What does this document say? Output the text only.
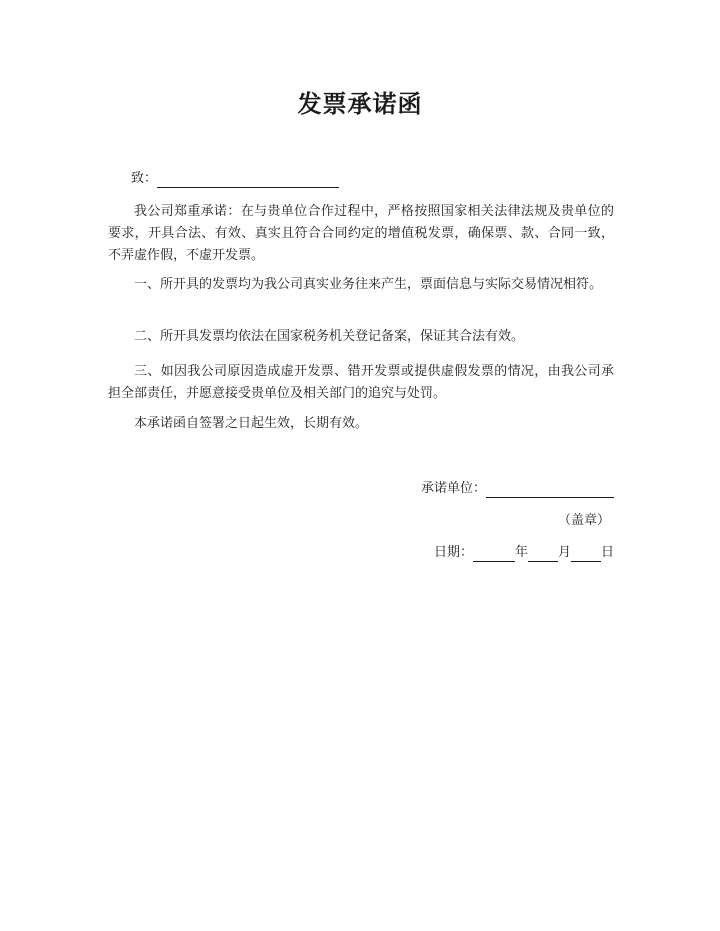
发票承诺函
致：

我公司郑重承诺：在与贵单位合作过程中，严格按照国家相关法律法规及贵单位的要求，开具合法、有效、真实且符合合同约定的增值税发票，确保票、款、合同一致，不弄虚作假，不虚开发票。

一、所开具的发票均为我公司真实业务往来产生，票面信息与实际交易情况相符。

二、所开具发票均依法在国家税务机关登记备案，保证其合法有效。

三、如因我公司原因造成虚开发票、错开发票或提供虚假发票的情况，由我公司承担全部责任，并愿意接受贵单位及相关部门的追究与处罚。

本承诺函自签署之日起生效，长期有效。

承诺单位：
（盖章）
日期：	年 月 日
